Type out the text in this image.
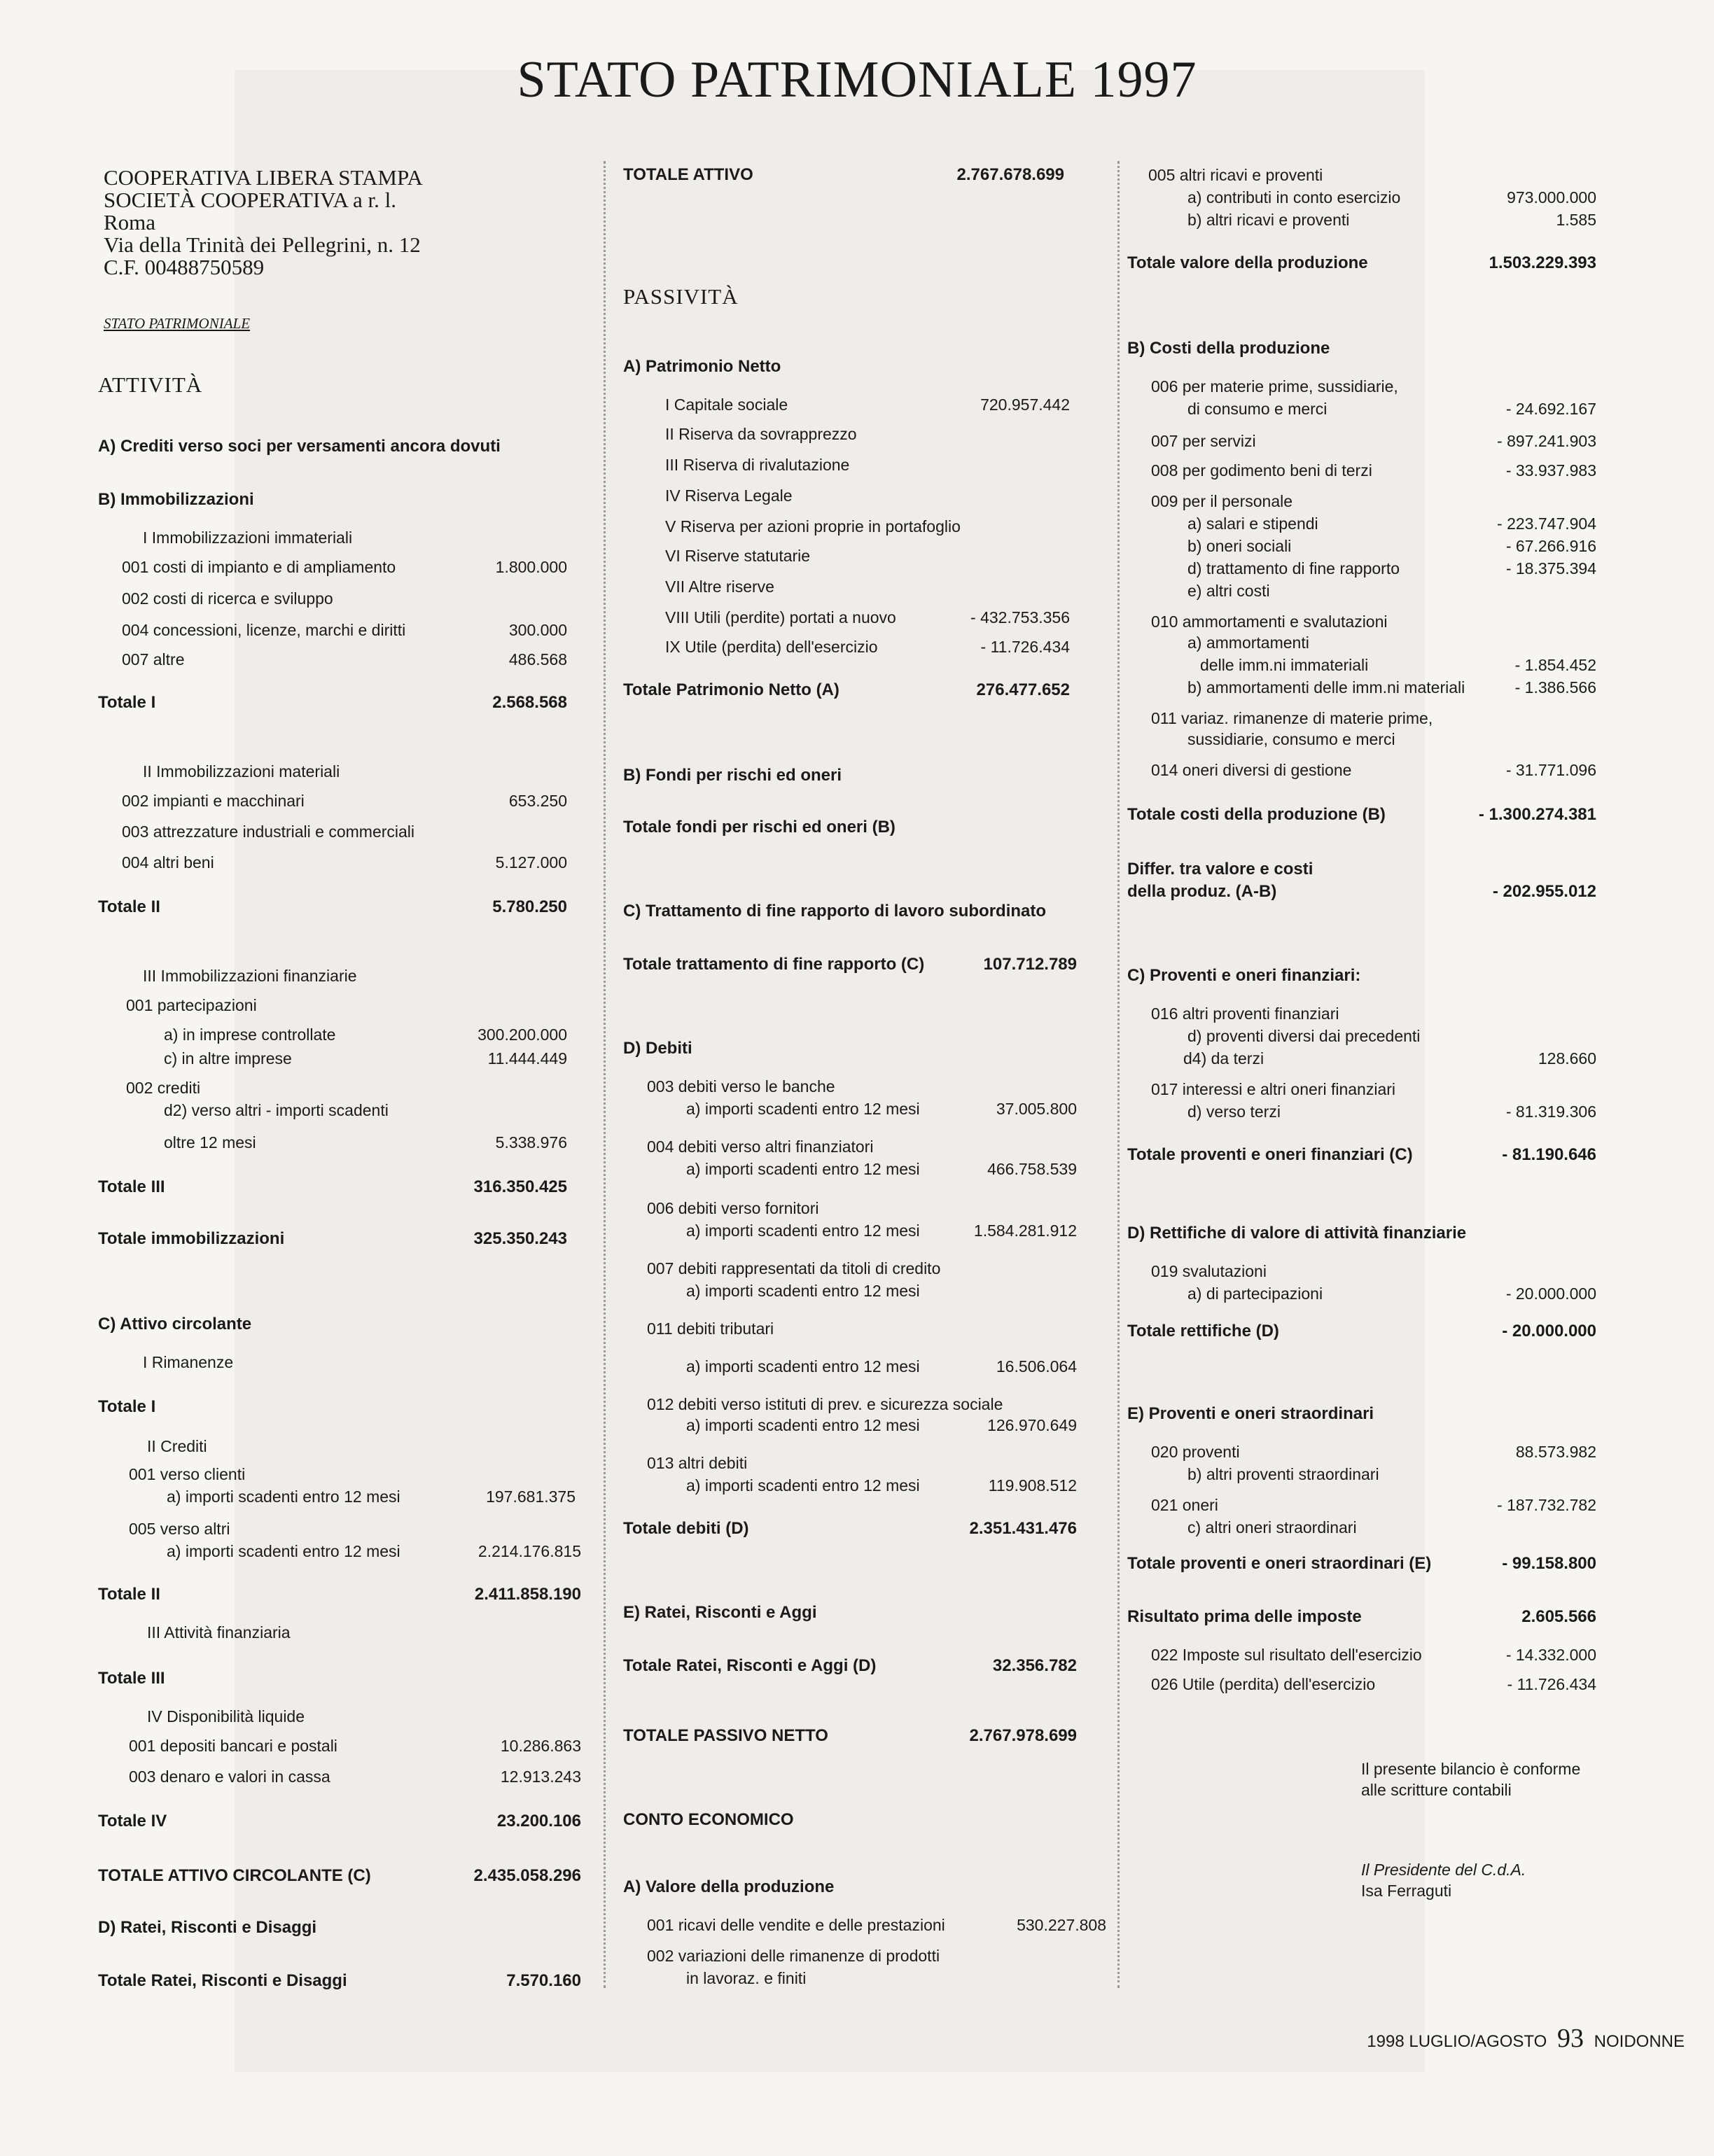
STATO PATRIMONIALE 1997
COOPERATIVA LIBERA STAMPA
SOCIETÀ COOPERATIVA a r. l.
Roma
Via della Trinità dei Pellegrini, n. 12
C.F. 00488750589
STATO PATRIMONIALE
ATTIVITÀ
A) Crediti verso soci per versamenti ancora dovuti
B) Immobilizzazioni
I Immobilizzazioni immateriali
001 costi di impianto e di ampliamento	1.800.000
002 costi di ricerca e sviluppo
004 concessioni, licenze, marchi e diritti	300.000
007 altre	486.568
Totale I	2.568.568
II Immobilizzazioni materiali
002 impianti e macchinari	653.250
003 attrezzature industriali e commerciali
004 altri beni	5.127.000
Totale II	5.780.250
III Immobilizzazioni finanziarie
001 partecipazioni
a) in imprese controllate	300.200.000
c) in altre imprese	11.444.449
002 crediti
d2) verso altri - importi scadenti
oltre 12 mesi	5.338.976
Totale III	316.350.425
Totale immobilizzazioni	325.350.243
C) Attivo circolante
I Rimanenze
Totale I
II Crediti
001 verso clienti
a) importi scadenti entro 12 mesi	197.681.375
005 verso altri
a) importi scadenti entro 12 mesi	2.214.176.815
Totale II	2.411.858.190
III Attività finanziaria
Totale III
IV Disponibilità liquide
001 depositi bancari e postali	10.286.863
003 denaro e valori in cassa	12.913.243
Totale IV	23.200.106
TOTALE ATTIVO CIRCOLANTE (C)	2.435.058.296
D) Ratei, Risconti e Disaggi
Totale Ratei, Risconti e Disaggi	7.570.160
TOTALE ATTIVO	2.767.678.699
PASSIVITÀ
A) Patrimonio Netto
I Capitale sociale	720.957.442
II Riserva da sovrapprezzo
III Riserva di rivalutazione
IV Riserva Legale
V Riserva per azioni proprie in portafoglio
VI Riserve statutarie
VII Altre riserve
VIII Utili (perdite) portati a nuovo	- 432.753.356
IX Utile (perdita) dell'esercizio	- 11.726.434
Totale Patrimonio Netto (A)	276.477.652
B) Fondi per rischi ed oneri
Totale fondi per rischi ed oneri (B)
C) Trattamento di fine rapporto di lavoro subordinato
Totale trattamento di fine rapporto (C)	107.712.789
D) Debiti
003 debiti verso le banche
a) importi scadenti entro 12 mesi	37.005.800
004 debiti verso altri finanziatori
a) importi scadenti entro 12 mesi	466.758.539
006 debiti verso fornitori
a) importi scadenti entro 12 mesi	1.584.281.912
007 debiti rappresentati da titoli di credito
a) importi scadenti entro 12 mesi
011 debiti tributari
a) importi scadenti entro 12 mesi	16.506.064
012 debiti verso istituti di prev. e sicurezza sociale
a) importi scadenti entro 12 mesi	126.970.649
013 altri debiti
a) importi scadenti entro 12 mesi	119.908.512
Totale debiti (D)	2.351.431.476
E) Ratei, Risconti e Aggi
Totale Ratei, Risconti e Aggi (D)	32.356.782
TOTALE PASSIVO NETTO	2.767.978.699
CONTO ECONOMICO
A) Valore della produzione
001 ricavi delle vendite e delle prestazioni	530.227.808
002 variazioni delle rimanenze di prodotti
in lavoraz. e finiti
005 altri ricavi e proventi
a) contributi in conto esercizio	973.000.000
b) altri ricavi e proventi	1.585
Totale valore della produzione	1.503.229.393
B) Costi della produzione
006 per materie prime, sussidiarie,
di consumo e merci	- 24.692.167
007 per servizi	- 897.241.903
008 per godimento beni di terzi	- 33.937.983
009 per il personale
a) salari e stipendi	- 223.747.904
b) oneri sociali	- 67.266.916
d) trattamento di fine rapporto	- 18.375.394
e) altri costi
010 ammortamenti e svalutazioni
a) ammortamenti
delle imm.ni immateriali	- 1.854.452
b) ammortamenti delle imm.ni materiali	- 1.386.566
011 variaz. rimanenze di materie prime,
sussidiarie, consumo e merci
014 oneri diversi di gestione	- 31.771.096
Totale costi della produzione (B)	- 1.300.274.381
Differ. tra valore e costi
della produz. (A-B)	- 202.955.012
C) Proventi e oneri finanziari:
016 altri proventi finanziari
d) proventi diversi dai precedenti
d4) da terzi	128.660
017 interessi e altri oneri finanziari
d) verso terzi	- 81.319.306
Totale proventi e oneri finanziari (C)	- 81.190.646
D) Rettifiche di valore di attività finanziarie
019 svalutazioni
a) di partecipazioni	- 20.000.000
Totale rettifiche (D)	- 20.000.000
E) Proventi e oneri straordinari
020 proventi	88.573.982
b) altri proventi straordinari
021 oneri	- 187.732.782
c) altri oneri straordinari
Totale proventi e oneri straordinari (E)	- 99.158.800
Risultato prima delle imposte	2.605.566
022 Imposte sul risultato dell'esercizio	- 14.332.000
026 Utile (perdita) dell'esercizio	- 11.726.434
Il presente bilancio è conforme
alle scritture contabili
Il Presidente del C.d.A.
Isa Ferraguti
1998 LUGLIO/AGOSTO 93 NOIDONNE
